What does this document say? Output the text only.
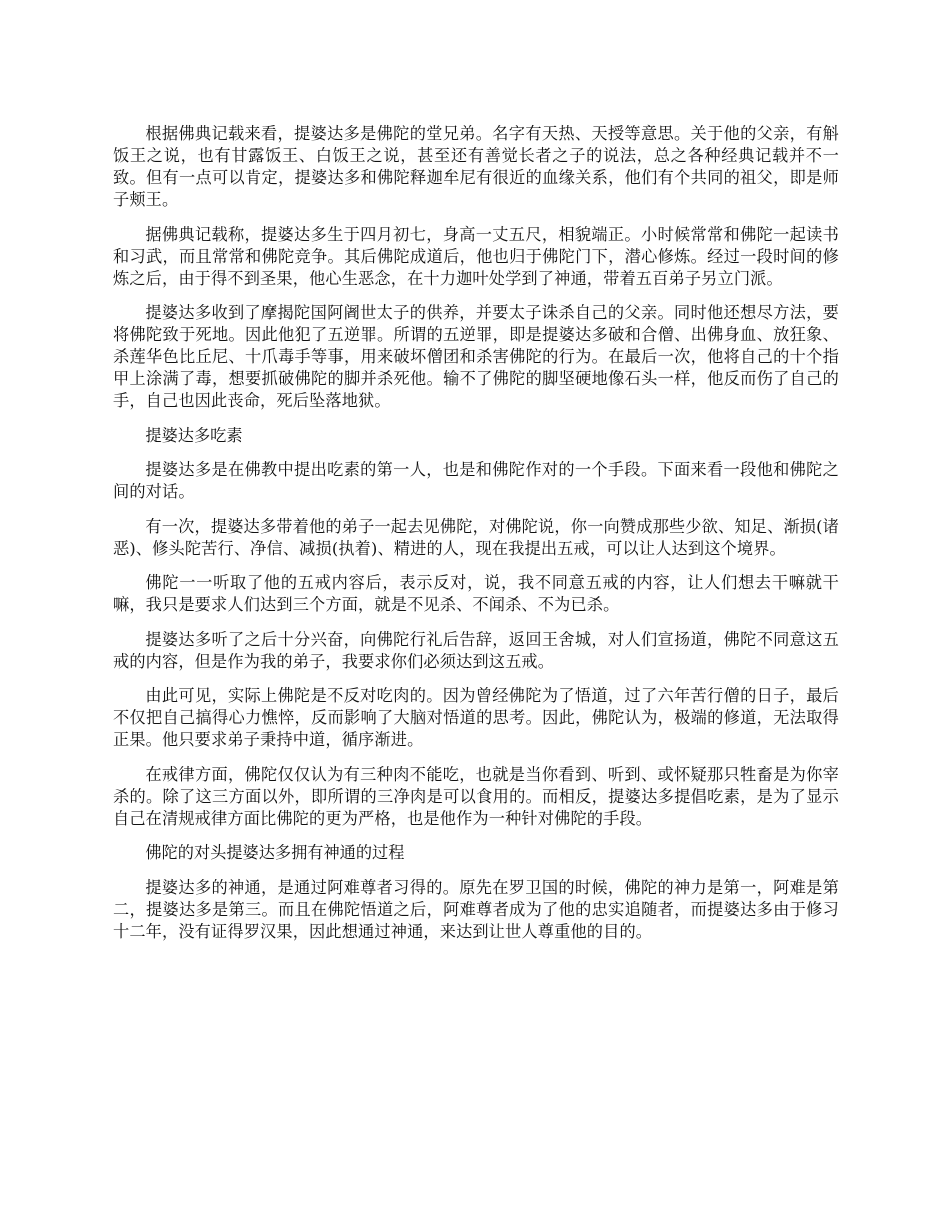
根据佛典记载来看，提婆达多是佛陀的堂兄弟。名字有天热、天授等意思。关于他的父亲，有斛饭王之说，也有甘露饭王、白饭王之说，甚至还有善觉长者之子的说法，总之各种经典记载并不一致。但有一点可以肯定，提婆达多和佛陀释迦牟尼有很近的血缘关系，他们有个共同的祖父，即是师子颊王。

据佛典记载称，提婆达多生于四月初七，身高一丈五尺，相貌端正。小时候常常和佛陀一起读书和习武，而且常常和佛陀竞争。其后佛陀成道后，他也归于佛陀门下，潜心修炼。经过一段时间的修炼之后，由于得不到圣果，他心生恶念，在十力迦叶处学到了神通，带着五百弟子另立门派。

提婆达多收到了摩揭陀国阿阇世太子的供养，并要太子诛杀自己的父亲。同时他还想尽方法，要将佛陀致于死地。因此他犯了五逆罪。所谓的五逆罪，即是提婆达多破和合僧、出佛身血、放狂象、杀莲华色比丘尼、十爪毒手等事，用来破坏僧团和杀害佛陀的行为。在最后一次，他将自己的十个指甲上涂满了毒，想要抓破佛陀的脚并杀死他。输不了佛陀的脚坚硬地像石头一样，他反而伤了自己的手，自己也因此丧命，死后坠落地狱。

提婆达多吃素

提婆达多是在佛教中提出吃素的第一人，也是和佛陀作对的一个手段。下面来看一段他和佛陀之间的对话。

有一次，提婆达多带着他的弟子一起去见佛陀，对佛陀说，你一向赞成那些少欲、知足、渐损(诸恶)、修头陀苦行、净信、减损(执着)、精进的人，现在我提出五戒，可以让人达到这个境界。

佛陀一一听取了他的五戒内容后，表示反对，说，我不同意五戒的内容，让人们想去干嘛就干嘛，我只是要求人们达到三个方面，就是不见杀、不闻杀、不为已杀。

提婆达多听了之后十分兴奋，向佛陀行礼后告辞，返回王舍城，对人们宣扬道，佛陀不同意这五戒的内容，但是作为我的弟子，我要求你们必须达到这五戒。

由此可见，实际上佛陀是不反对吃肉的。因为曾经佛陀为了悟道，过了六年苦行僧的日子，最后不仅把自己搞得心力憔悴，反而影响了大脑对悟道的思考。因此，佛陀认为，极端的修道，无法取得正果。他只要求弟子秉持中道，循序渐进。

在戒律方面，佛陀仅仅认为有三种肉不能吃，也就是当你看到、听到、或怀疑那只牲畜是为你宰杀的。除了这三方面以外，即所谓的三净肉是可以食用的。而相反，提婆达多提倡吃素，是为了显示自己在清规戒律方面比佛陀的更为严格，也是他作为一种针对佛陀的手段。

佛陀的对头提婆达多拥有神通的过程

提婆达多的神通，是通过阿难尊者习得的。原先在罗卫国的时候，佛陀的神力是第一，阿难是第二，提婆达多是第三。而且在佛陀悟道之后，阿难尊者成为了他的忠实追随者，而提婆达多由于修习十二年，没有证得罗汉果，因此想通过神通，来达到让世人尊重他的目的。
